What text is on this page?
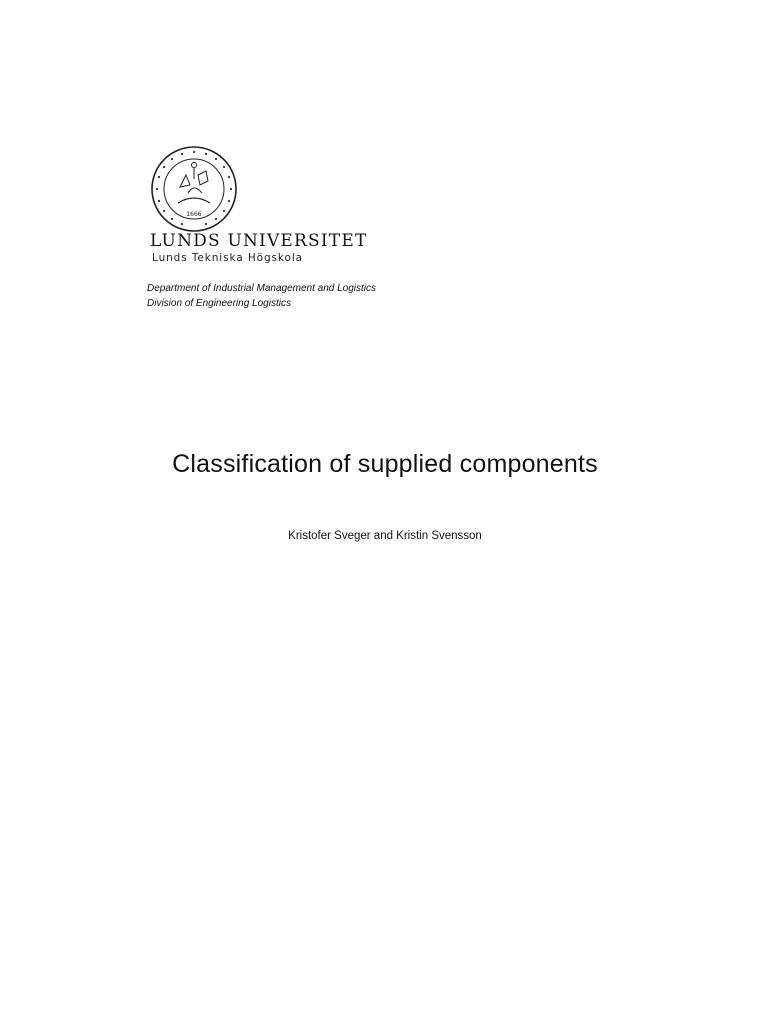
1666
LUNDS UNIVERSITET
Lunds Tekniska Högskola
Department of Industrial Management and Logistics
Division of Engineering Logistics
Classification of supplied components
Kristofer Sveger and Kristin Svensson
